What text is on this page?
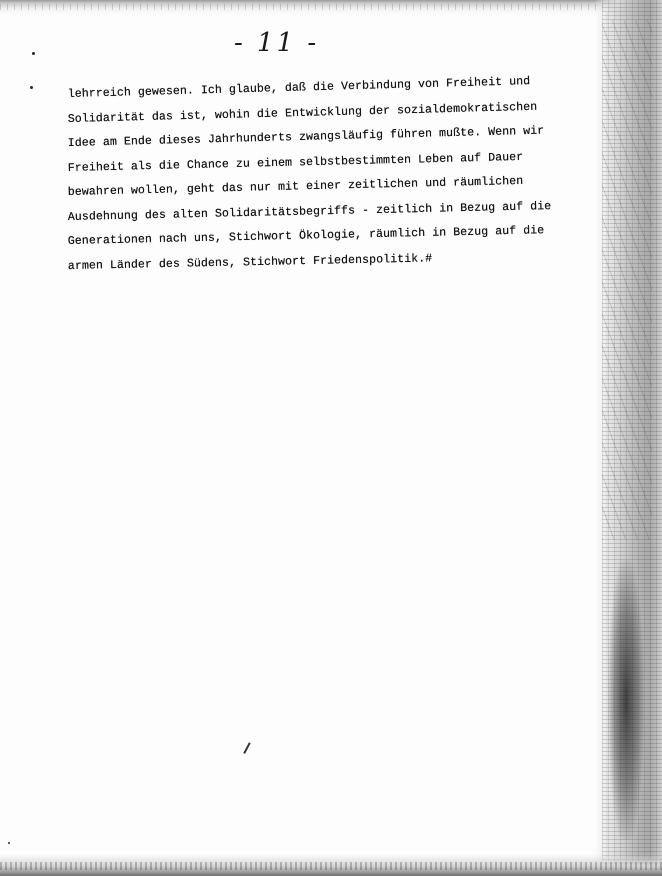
- 11 -
lehrreich gewesen. Ich glaube, daß die Verbindung von Freiheit und
Solidarität das ist, wohin die Entwicklung der sozialdemokratischen
Idee am Ende dieses Jahrhunderts zwangsläufig führen mußte. Wenn wir
Freiheit als die Chance zu einem selbstbestimmten Leben auf Dauer
bewahren wollen, geht das nur mit einer zeitlichen und räumlichen
Ausdehnung des alten Solidaritätsbegriffs - zeitlich in Bezug auf die
Generationen nach uns, Stichwort Ökologie, räumlich in Bezug auf die
armen Länder des Südens, Stichwort Friedenspolitik.#
